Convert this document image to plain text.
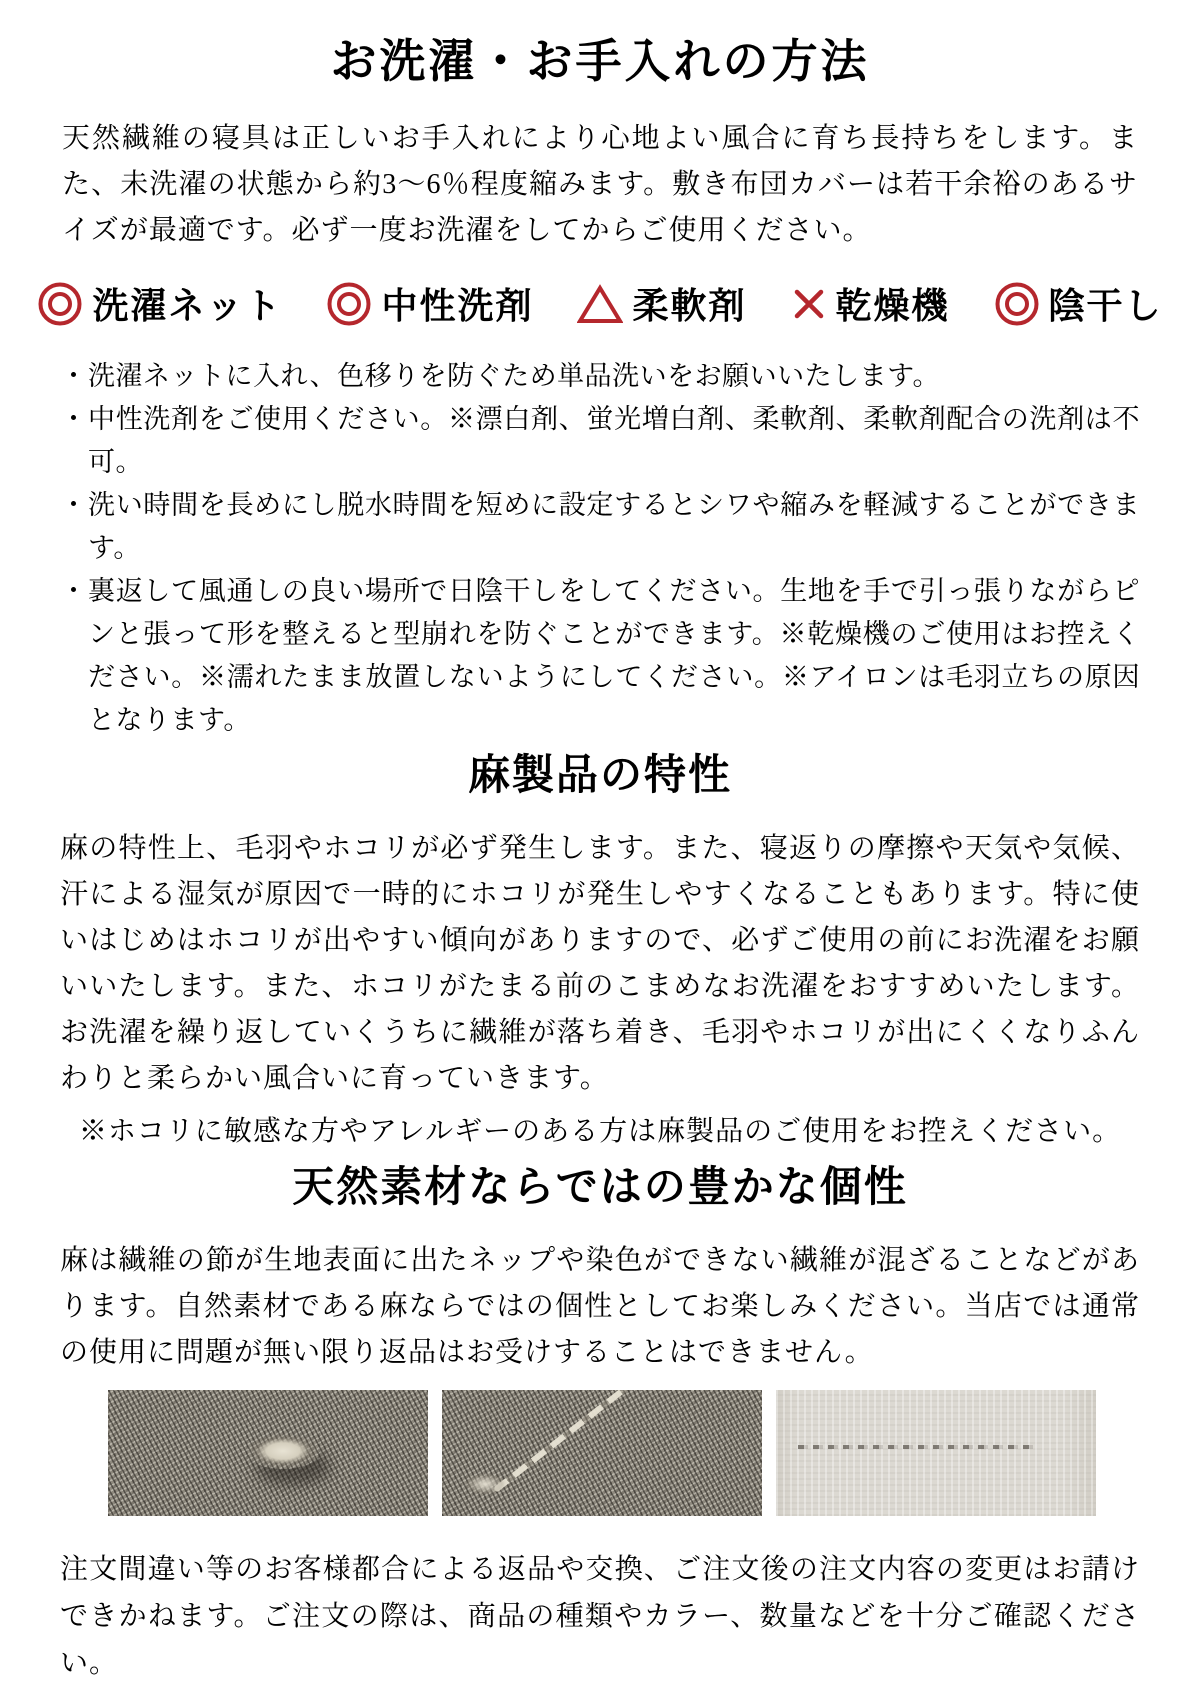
お洗濯・お手入れの方法

天然繊維の寝具は正しいお手入れにより心地よい風合に育ち長持ちをします。また、未洗濯の状態から約3〜6％程度縮みます。敷き布団カバーは若干余裕のあるサイズが最適です。必ず一度お洗濯をしてからご使用ください。

洗濯ネット	中性洗剤	柔軟剤 乾燥機	陰干し
・ 洗濯ネットに入れ、色移りを防ぐため単品洗いをお願いいたします。
・ 中性洗剤をご使用ください。※漂白剤、蛍光増白剤、柔軟剤、柔軟剤配合の洗剤は不可。
・ 洗い時間を長めにし脱水時間を短めに設定するとシワや縮みを軽減することができます。
・ 裏返して風通しの良い場所で日陰干しをしてください。生地を手で引っ張りながらピンと張って形を整えると型崩れを防ぐことができます。※乾燥機のご使用はお控えください。※濡れたまま放置しないようにしてください。※アイロンは毛羽立ちの原因となります。
麻製品の特性

麻の特性上、毛羽やホコリが必ず発生します。また、寝返りの摩擦や天気や気候、汗による湿気が原因で一時的にホコリが発生しやすくなることもあります。特に使いはじめはホコリが出やすい傾向がありますので、必ずご使用の前にお洗濯をお願いいたします。また、ホコリがたまる前のこまめなお洗濯をおすすめいたします。お洗濯を繰り返していくうちに繊維が落ち着き、毛羽やホコリが出にくくなりふんわりと柔らかい風合いに育っていきます。

※ホコリに敏感な方やアレルギーのある方は麻製品のご使用をお控えください。

天然素材ならではの豊かな個性

麻は繊維の節が生地表面に出たネップや染色ができない繊維が混ざることなどがあります。自然素材である麻ならではの個性としてお楽しみください。当店では通常の使用に問題が無い限り返品はお受けすることはできません。

注文間違い等のお客様都合による返品や交換、ご注文後の注文内容の変更はお請けできかねます。ご注文の際は、商品の種類やカラー、数量などを十分ご確認ください。
